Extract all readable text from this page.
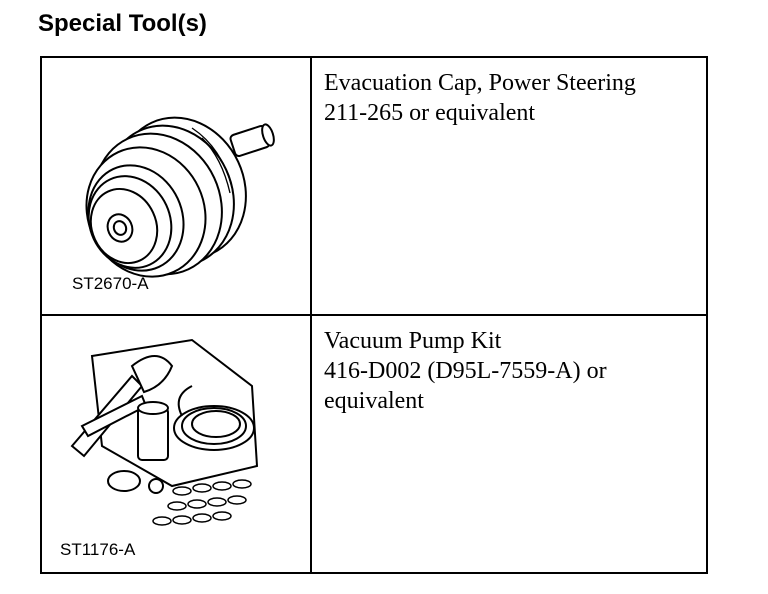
Special Tool(s)
ST2670-A	Evacuation Cap, Power Steering
211-265 or equivalent

ST1176-A	Vacuum Pump Kit
416-D002 (D95L-7559-A) or
equivalent
